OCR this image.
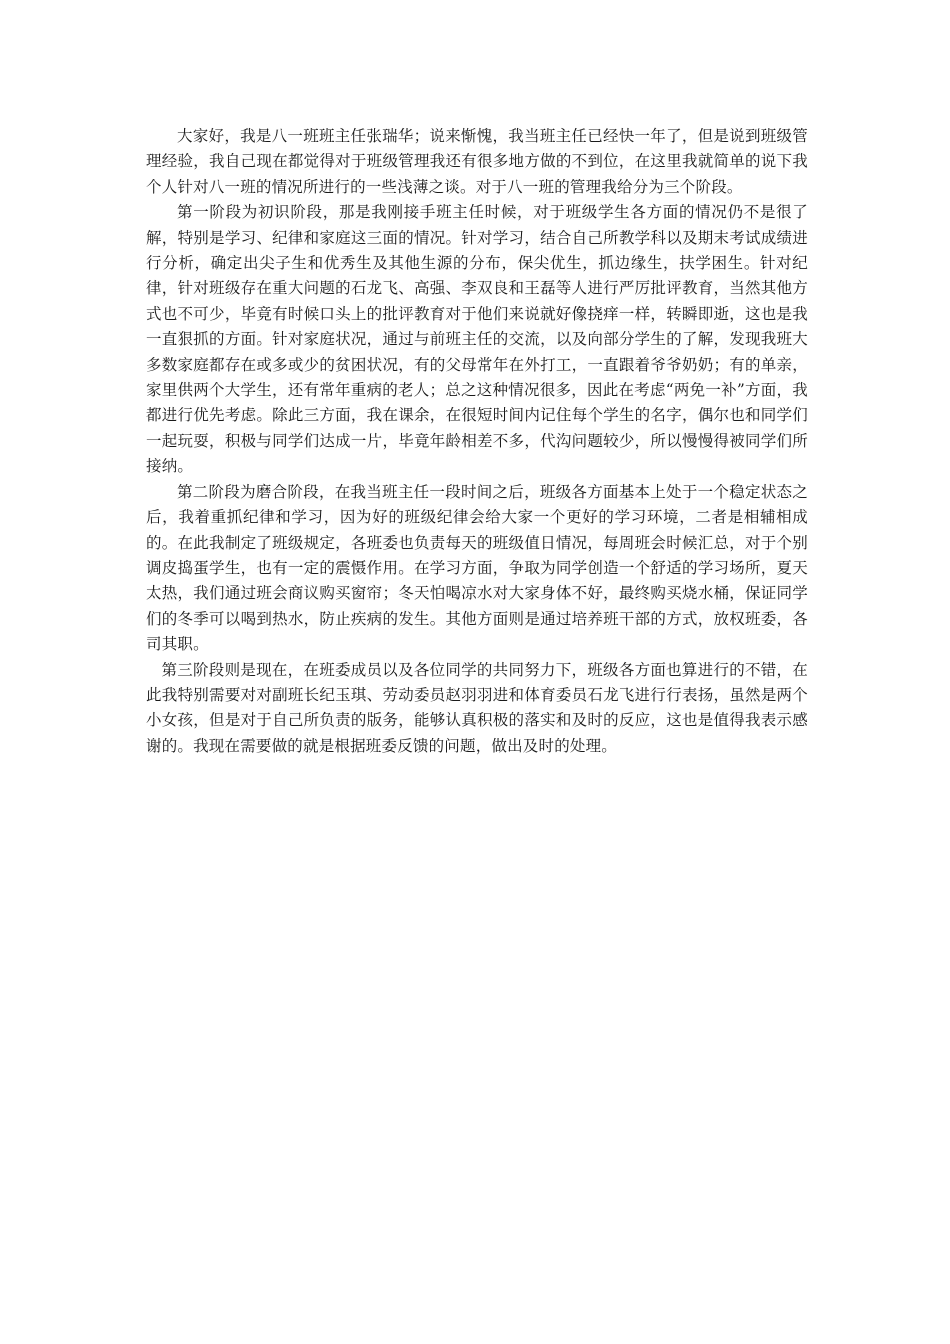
大家好，我是八一班班主任张瑞华；说来惭愧，我当班主任已经快一年了，但是说到班级管理经验，我自己现在都觉得对于班级管理我还有很多地方做的不到位，在这里我就简单的说下我个人针对八一班的情况所进行的一些浅薄之谈。对于八一班的管理我给分为三个阶段。

第一阶段为初识阶段，那是我刚接手班主任时候，对于班级学生各方面的情况仍不是很了解，特别是学习、纪律和家庭这三面的情况。针对学习，结合自己所教学科以及期末考试成绩进行分析，确定出尖子生和优秀生及其他生源的分布，保尖优生，抓边缘生，扶学困生。针对纪律，针对班级存在重大问题的石龙飞、高强、李双良和王磊等人进行严厉批评教育，当然其他方式也不可少，毕竟有时候口头上的批评教育对于他们来说就好像挠痒一样，转瞬即逝，这也是我一直狠抓的方面。针对家庭状况，通过与前班主任的交流，以及向部分学生的了解，发现我班大多数家庭都存在或多或少的贫困状况，有的父母常年在外打工，一直跟着爷爷奶奶；有的单亲，家里供两个大学生，还有常年重病的老人；总之这种情况很多，因此在考虑“两免一补”方面，我都进行优先考虑。除此三方面，我在课余，在很短时间内记住每个学生的名字，偶尔也和同学们一起玩耍，积极与同学们达成一片，毕竟年龄相差不多，代沟问题较少，所以慢慢得被同学们所接纳。

第二阶段为磨合阶段，在我当班主任一段时间之后，班级各方面基本上处于一个稳定状态之后，我着重抓纪律和学习，因为好的班级纪律会给大家一个更好的学习环境，二者是相辅相成的。在此我制定了班级规定，各班委也负责每天的班级值日情况，每周班会时候汇总，对于个别调皮捣蛋学生，也有一定的震慑作用。在学习方面，争取为同学创造一个舒适的学习场所，夏天太热，我们通过班会商议购买窗帘；冬天怕喝凉水对大家身体不好，最终购买烧水桶，保证同学们的冬季可以喝到热水，防止疾病的发生。其他方面则是通过培养班干部的方式，放权班委，各司其职。

第三阶段则是现在，在班委成员以及各位同学的共同努力下，班级各方面也算进行的不错，在此我特别需要对对副班长纪玉琪、劳动委员赵羽羽进和体育委员石龙飞进行行表扬，虽然是两个小女孩，但是对于自己所负责的版务，能够认真积极的落实和及时的反应，这也是值得我表示感谢的。我现在需要做的就是根据班委反馈的问题，做出及时的处理。
